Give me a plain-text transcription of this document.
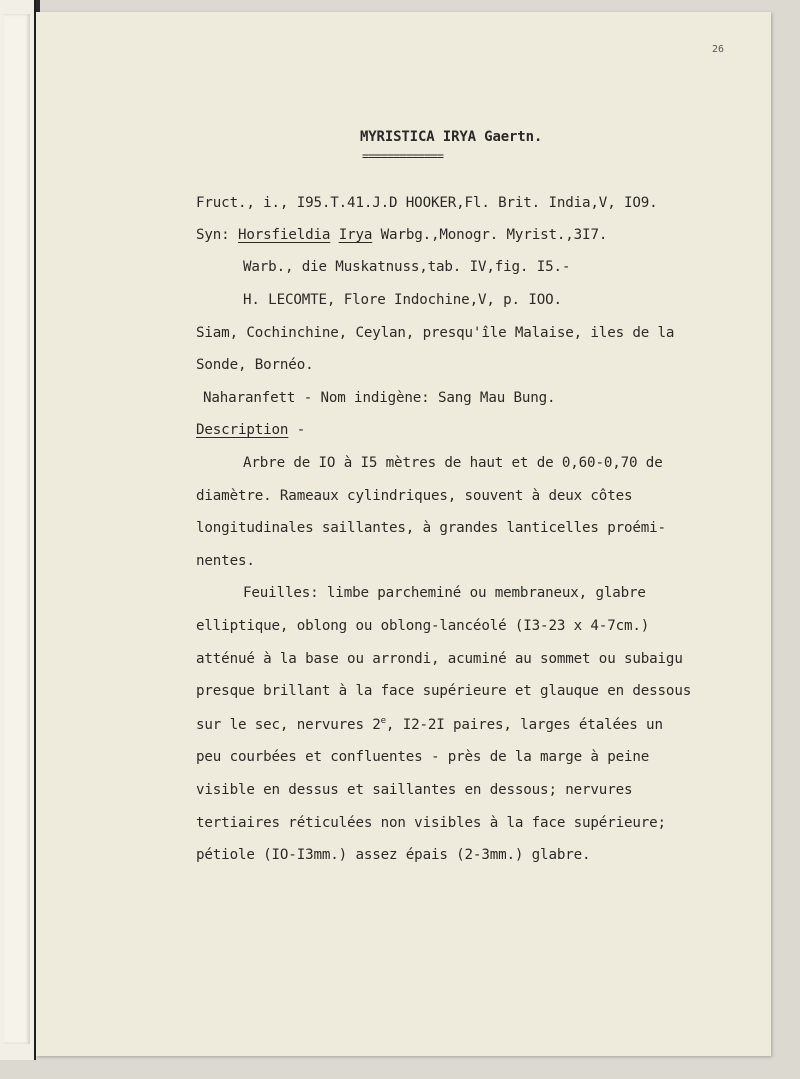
26
MYRISTICA IRYA Gaertn.
=============
Fruct., i., I95.T.41.J.D HOOKER,Fl. Brit. India,V, IO9.
Syn: Horsfieldia Irya Warbg.,Monogr. Myrist.,3I7.
Warb., die Muskatnuss,tab. IV,fig. I5.-
H. LECOMTE, Flore Indochine,V, p. IOO.
Siam, Cochinchine, Ceylan, presqu'île Malaise, iles de la
Sonde, Bornéo.
Naharanfett - Nom indigène: Sang Mau Bung.
Description -
Arbre de IO à I5 mètres de haut et de 0,60-0,70 de
diamètre. Rameaux cylindriques, souvent à deux côtes
longitudinales saillantes, à grandes lanticelles proémi-
nentes.
Feuilles: limbe parcheminé ou membraneux, glabre
elliptique, oblong ou oblong-lancéolé (I3-23 x 4-7cm.)
atténué à la base ou arrondi, acuminé au sommet ou subaigu
presque brillant à la face supérieure et glauque en dessous
sur le sec, nervures 2e, I2-2I paires, larges étalées un
peu courbées et confluentes - près de la marge à peine
visible en dessus et saillantes en dessous; nervures
tertiaires réticulées non visibles à la face supérieure;
pétiole (IO-I3mm.) assez épais (2-3mm.) glabre.
